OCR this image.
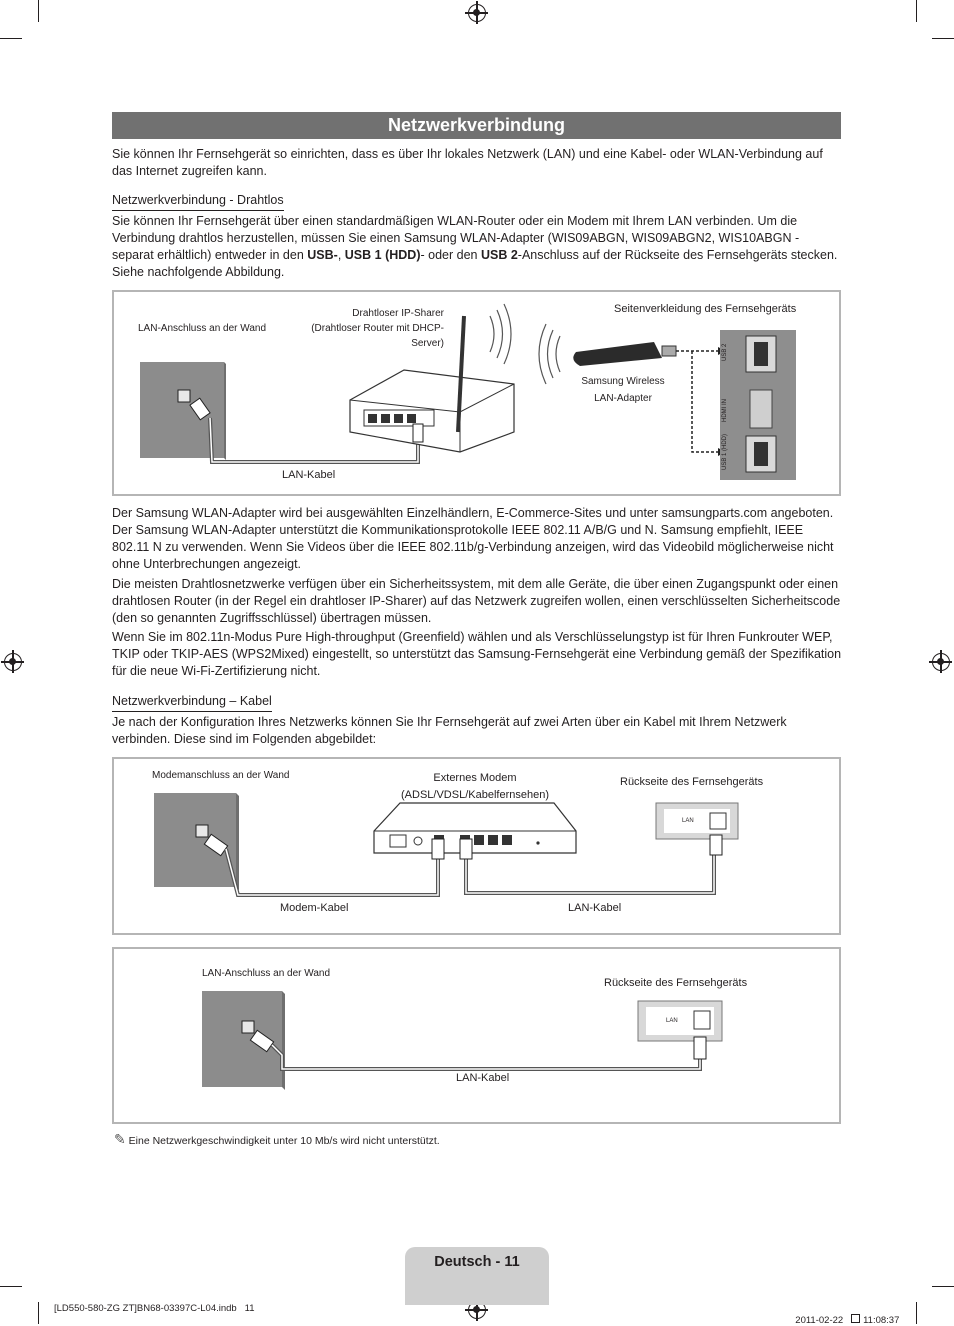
Netzwerkverbindung

Sie können Ihr Fernsehgerät so einrichten, dass es über Ihr lokales Netzwerk (LAN) und eine Kabel- oder WLAN-Verbindung auf das Internet zugreifen kann.

Netzwerkverbindung - Drahtlos

Sie können Ihr Fernsehgerät über einen standardmäßigen WLAN-Router oder ein Modem mit Ihrem LAN verbinden. Um die Verbindung drahtlos herzustellen, müssen Sie einen Samsung WLAN-Adapter (WIS09ABGN, WIS09ABGN2, WIS10ABGN - separat erhältlich) entweder in den USB-, USB 1 (HDD)- oder den USB 2-Anschluss auf der Rückseite des Fernsehgeräts stecken. Siehe nachfolgende Abbildung.

LAN-Anschluss an der Wand
Drahtloser IP-Sharer
(Drahtloser Router mit DHCP-
Server)
Seitenverkleidung des Fernsehgeräts
Samsung Wireless
LAN-Adapter
LAN-Kabel
USB 2
HDMI IN
USB 1 (HDD)

Der Samsung WLAN-Adapter wird bei ausgewählten Einzelhändlern, E-Commerce-Sites und unter samsungparts.com angeboten. Der Samsung WLAN-Adapter unterstützt die Kommunikationsprotokolle IEEE 802.11 A/B/G und N. Samsung empfiehlt, IEEE 802.11 N zu verwenden. Wenn Sie Videos über die IEEE 802.11b/g-Verbindung anzeigen, wird das Videobild möglicherweise nicht ohne Unterbrechungen angezeigt.

Die meisten Drahtlosnetzwerke verfügen über ein Sicherheitssystem, mit dem alle Geräte, die über einen Zugangspunkt oder einen drahtlosen Router (in der Regel ein drahtloser IP-Sharer) auf das Netzwerk zugreifen wollen, einen verschlüsselten Sicherheitscode (den so genannten Zugriffsschlüssel) übertragen müssen.

Wenn Sie im 802.11n-Modus Pure High-throughput (Greenfield) wählen und als Verschlüsselungstyp ist für Ihren Funkrouter WEP, TKIP oder TKIP-AES (WPS2Mixed) eingestellt, so unterstützt das Samsung-Fernsehgerät eine Verbindung gemäß der Spezifikation für die neue Wi-Fi-Zertifizierung nicht.

Netzwerkverbindung – Kabel

Je nach der Konfiguration Ihres Netzwerks können Sie Ihr Fernsehgerät auf zwei Arten über ein Kabel mit Ihrem Netzwerk verbinden. Diese sind im Folgenden abgebildet:

Modemanschluss an der Wand	Externes Modem
(ADSL/VDSL/Kabelfernsehen)
Rückseite des Fernsehgeräts
LAN
Modem-Kabel	LAN-Kabel
LAN-Anschluss an der Wand
Rückseite des Fernsehgeräts
LAN
LAN-Kabel
✎ Eine Netzwerkgeschwindigkeit unter 10 Mb/s wird nicht unterstützt.
Deutsch - 11
[LD550-580-ZG ZT]BN68-03397C-L04.indb   11

2011-02-22   11:08:37
